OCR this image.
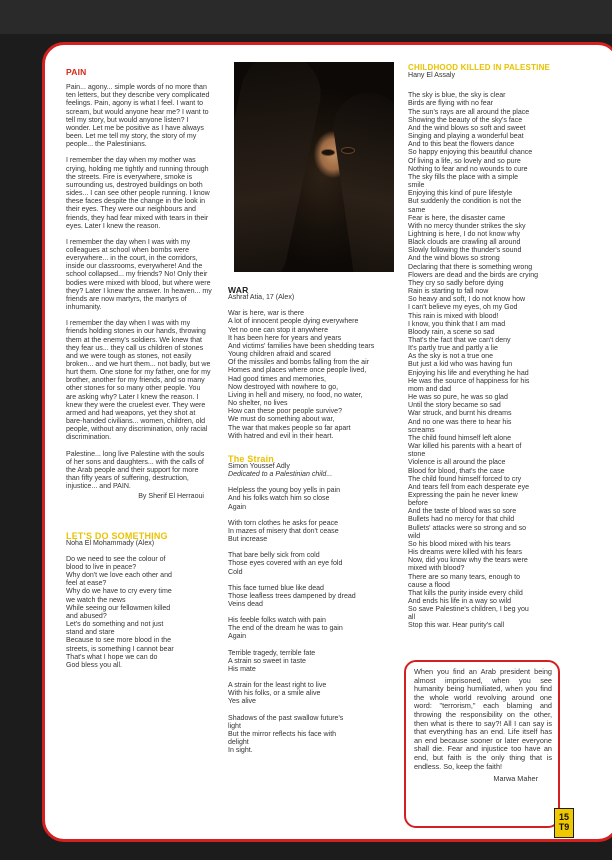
PAIN

Pain... agony... simple words of no more than ten letters, but they describe very complicated feelings. Pain, agony is what I feel. I want to scream, but would anyone hear me? I want to tell my story, but would anyone listen? I wonder. Let me be positive as I have always been. Let me tell my story, the story of my people... the Palestinians.

I remember the day when my mother was crying, holding me tightly and running through the streets. Fire is everywhere, smoke is surrounding us, destroyed buildings on both sides... I can see other people running. I know these faces despite the change in the look in their eyes. They were our neighbours and friends, they had fear mixed with tears in their eyes. Later I knew the reason.

I remember the day when I was with my colleagues at school when bombs were everywhere... in the court, in the corridors, inside our classrooms, everywhere! And the school collapsed... my friends? No! Only their bodies were mixed with blood, but where were they? Later I knew the answer. In heaven... my friends are now martyrs, the martyrs of inhumanity.

I remember the day when I was with my friends holding stones in our hands, throwing them at the enemy's soldiers. We knew that they fear us... they call us children of stones and we were tough as stones, not easily broken... and we hurt them... not badly, but we hurt them. One stone for my father, one for my brother, another for my friends, and so many other stones for so many other people. You are asking why? Later I knew the reason. I knew they were the cruelest ever. They were armed and had weapons, yet they shot at bare-handed civilians... women, children, old people, without any discrimination, only racial discrimination.

Palestine... long live Palestine with the souls of her sons and daughters... with the calls of the Arab people and their support for more than fifty years of suffering, destruction, injustice... and PAIN.

By Sherif El Herraoui
LET'S DO SOMETHING
Noha El Mohammady (Alex)

Do we need to see the colour of
blood to live in peace?
Why don't we love each other and
feel at ease?
Why do we have to cry every time
we watch the news
While seeing our fellowmen killed
and abused?
Let's do something and not just
stand and stare
Because to see more blood in the
streets, is something I cannot bear
That's what I hope we can do
God bless you all.

WAR
Ashraf Atia, 17 (Alex)

War is here, war is there
A lot of innocent people dying everywhere
Yet no one can stop it anywhere
It has been here for years and years
And victims' families have been shedding tears
Young children afraid and scared
Of the missiles and bombs falling from the air
Homes and places where once people lived,
Had good times and memories,
Now destroyed with nowhere to go,
Living in hell and misery, no food, no water,
No shelter, no lives
How can these poor people survive?
We must do something about war,
The war that makes people so far apart
With hatred and evil in their heart.

The Strain
Simon Youssef Adly
Dedicated to a Palestinian child...

Helpless the young boy yells in pain
And his folks watch him so close
Again

With torn clothes he asks for peace
In mazes of misery that don't cease
But increase

That bare belly sick from cold
Those eyes covered with an eye fold
Cold

This face turned blue like dead
Those leafless trees dampened by dread
Veins dead

His feeble folks watch with pain
The end of the dream he was to gain
Again

Terrible tragedy, terrible fate
A strain so sweet in taste
His mate

A strain for the least right to live
With his folks, or a smile alive
Yes alive

Shadows of the past swallow future's
light
But the mirror reflects his face with
delight
In sight.

CHILDHOOD KILLED IN PALESTINE
Hany El Assaly

The sky is blue, the sky is clear
Birds are flying with no fear
The sun's rays are all around the place
Showing the beauty of the sky's face
And the wind blows so soft and sweet
Singing and playing a wonderful beat
And to this beat the flowers dance
So happy enjoying this beautiful chance
Of living a life, so lovely and so pure
Nothing to fear and no wounds to cure
The sky fills the place with a simple
smile
Enjoying this kind of pure lifestyle
But suddenly the condition is not the
same
Fear is here, the disaster came
With no mercy thunder strikes the sky
Lightning is here, I do not know why
Black clouds are crawling all around
Slowly following the thunder's sound
And the wind blows so strong
Declaring that there is something wrong
Flowers are dead and the birds are crying
They cry so sadly before dying
Rain is starting to fall now
So heavy and soft, I do not know how
I can't believe my eyes, oh my God
This rain is mixed with blood!
I know, you think that I am mad
Bloody rain, a scene so sad
That's the fact that we can't deny
It's partly true and partly a lie
As the sky is not a true one
But just a kid who was having fun
Enjoying his life and everything he had
He was the source of happiness for his
mom and dad
He was so pure, he was so glad
Until the story became so sad
War struck, and burnt his dreams
And no one was there to hear his
screams
The child found himself left alone
War killed his parents with a heart of
stone
Violence is all around the place
Blood for blood, that's the case
The child found himself forced to cry
And tears fell from each desperate eye
Expressing the pain he never knew
before
And the taste of blood was so sore
Bullets had no mercy for that child
Bullets' attacks were so strong and so
wild
So his blood mixed with his tears
His dreams were killed with his fears
Now, did you know why the tears were
mixed with blood?
There are so many tears, enough to
cause a flood
That kills the purity inside every child
And ends his life in a way so wild
So save Palestine's children, I beg you
all
Stop this war. Hear purity's call

When you find an Arab president being almost imprisoned, when you see humanity being humiliated, when you find the whole world revolving around one word: "terrorism," each blaming and throwing the responsibility on the other, then what is there to say?! All I can say is that everything has an end. Life itself has an end because sooner or later everyone shall die. Fear and injustice too have an end, but faith is the only thing that is endless. So, keep the faith!

Marwa Maher
15
T9
